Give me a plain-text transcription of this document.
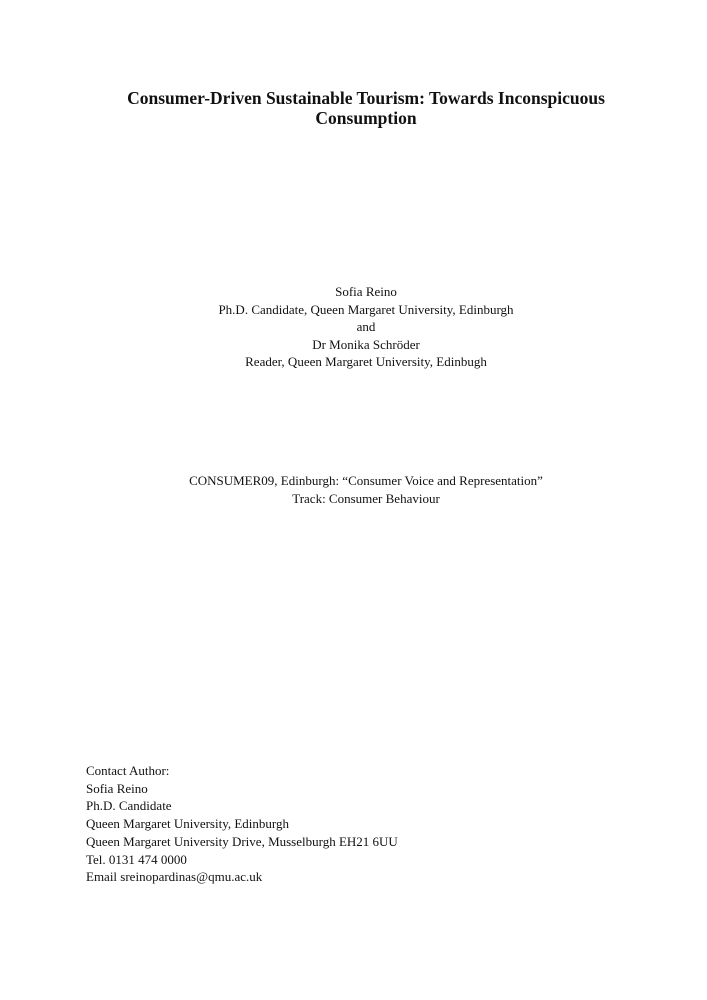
Consumer-Driven Sustainable Tourism: Towards Inconspicuous
Consumption
Sofia Reino
Ph.D. Candidate, Queen Margaret University, Edinburgh
and
Dr Monika Schröder
Reader, Queen Margaret University, Edinbugh
CONSUMER09, Edinburgh: “Consumer Voice and Representation”
Track: Consumer Behaviour
Contact Author:
Sofia Reino
Ph.D. Candidate
Queen Margaret University, Edinburgh
Queen Margaret University Drive, Musselburgh EH21 6UU
Tel. 0131 474 0000
Email sreinopardinas@qmu.ac.uk
